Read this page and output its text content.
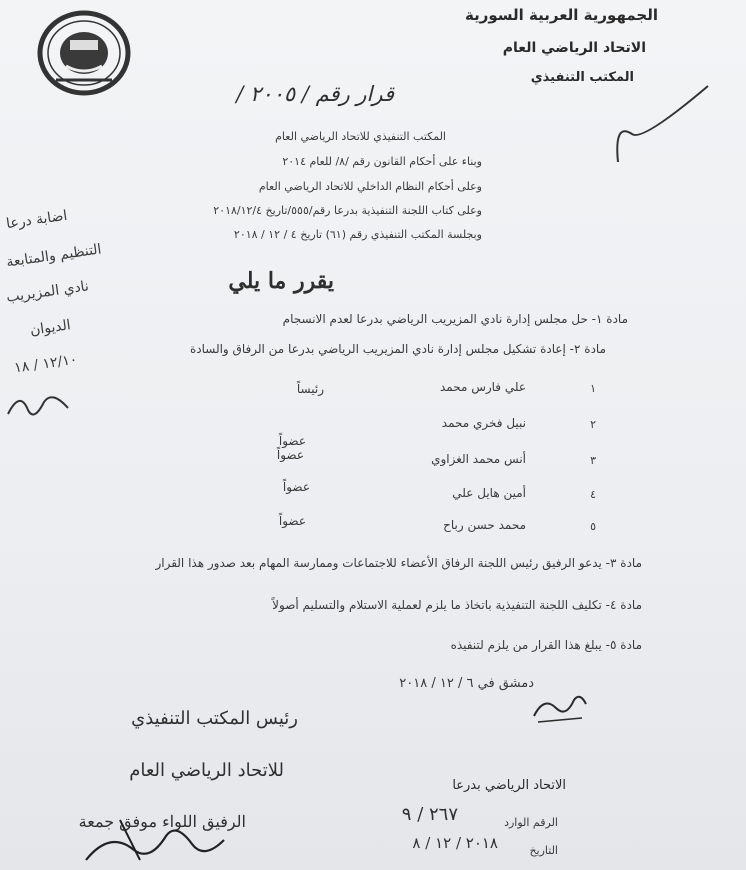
الجمهورية العربية السورية
الاتحاد الرياضي العام
المكتب التنفيذي
قرار رقم / ٢٠٠٥ /
المكتب التنفيذي للاتحاد الرياضي العام
وبناء على أحكام القانون رقم /٨/ للعام ٢٠١٤
وعلى أحكام النظام الداخلي للاتحاد الرياضي العام
وعلى كتاب اللجنة التنفيذية بدرعا رقم/٥٥٥/تاريخ ٢٠١٨/١٢/٤
وبجلسة المكتب التنفيذي رقم (٦١) تاريخ ٤ / ١٢ / ٢٠١٨
يقرر ما يلي
مادة ١- حل مجلس إدارة نادي المزيريب الرياضي بدرعا لعدم الانسجام
مادة ٢- إعادة تشكيل مجلس إدارة نادي المزيريب الرياضي بدرعا من الرفاق والسادة
١
علي فارس محمد
رئيساً
٢
نبيل فخري محمد
عضواً
٣
أنس محمد الغزاوي
عضواً
٤
أمين هايل علي
عضواً
٥
محمد حسن رباح
عضواً
مادة ٣- يدعو الرفيق رئيس اللجنة الرفاق الأعضاء للاجتماعات وممارسة المهام بعد صدور هذا القرار
مادة ٤- تكليف اللجنة التنفيذية باتخاذ ما يلزم لعملية الاستلام والتسليم أصولاً
مادة ٥- يبلغ هذا القرار من يلزم لتنفيذه
دمشق في ٦ / ١٢ / ٢٠١٨
رئيس المكتب التنفيذي
للاتحاد الرياضي العام
الرفيق اللواء موفق جمعة
الاتحاد الرياضي بدرعا
الرقم الوارد
٢٦٧ / ٩
التاريخ
٢٠١٨ / ١٢ / ٨
اضابة درعا
التنظيم والمتابعة
نادي المزيريب
الديوان
١٢/١٠ / ١٨
